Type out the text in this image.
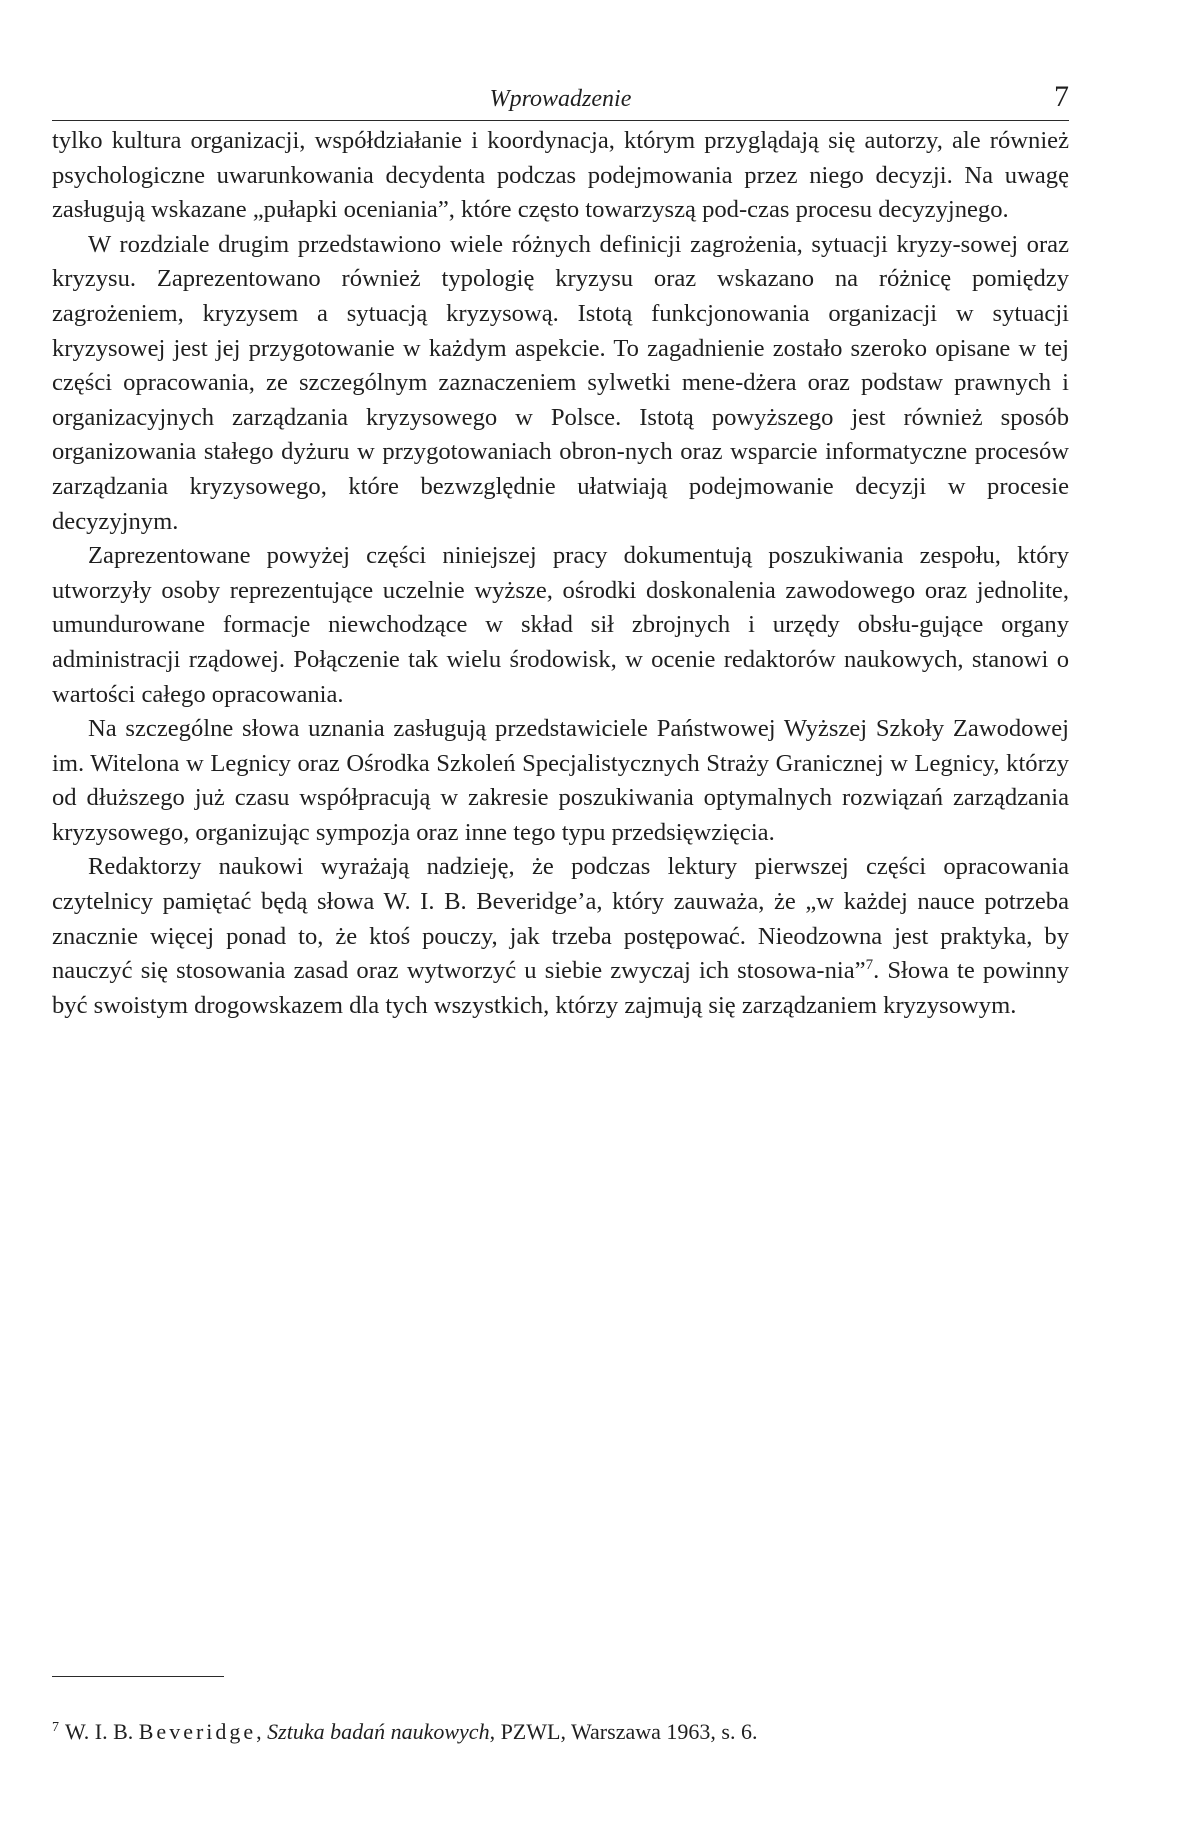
Wprowadzenie	7

tylko kultura organizacji, współdziałanie i koordynacja, którym przyglądają się autorzy, ale również psychologiczne uwarunkowania decydenta podczas podejmowania przez niego decyzji. Na uwagę zasługują wskazane „pułapki oceniania”, które często towarzyszą pod-czas procesu decyzyjnego.

W rozdziale drugim przedstawiono wiele różnych definicji zagrożenia, sytuacji kryzy-sowej oraz kryzysu. Zaprezentowano również typologię kryzysu oraz wskazano na różnicę pomiędzy zagrożeniem, kryzysem a sytuacją kryzysową. Istotą funkcjonowania organizacji w sytuacji kryzysowej jest jej przygotowanie w każdym aspekcie. To zagadnienie zostało szeroko opisane w tej części opracowania, ze szczególnym zaznaczeniem sylwetki mene-dżera oraz podstaw prawnych i organizacyjnych zarządzania kryzysowego w Polsce. Istotą powyższego jest również sposób organizowania stałego dyżuru w przygotowaniach obron-nych oraz wsparcie informatyczne procesów zarządzania kryzysowego, które bezwzględnie ułatwiają podejmowanie decyzji w procesie decyzyjnym.

Zaprezentowane powyżej części niniejszej pracy dokumentują poszukiwania zespołu, który utworzyły osoby reprezentujące uczelnie wyższe, ośrodki doskonalenia zawodowego oraz jednolite, umundurowane formacje niewchodzące w skład sił zbrojnych i urzędy obsłu-gujące organy administracji rządowej. Połączenie tak wielu środowisk, w ocenie redaktorów naukowych, stanowi o wartości całego opracowania.

Na szczególne słowa uznania zasługują przedstawiciele Państwowej Wyższej Szkoły Zawodowej im. Witelona w Legnicy oraz Ośrodka Szkoleń Specjalistycznych Straży Granicznej w Legnicy, którzy od dłuższego już czasu współpracują w zakresie poszukiwania optymalnych rozwiązań zarządzania kryzysowego, organizując sympozja oraz inne tego typu przedsięwzięcia.

Redaktorzy naukowi wyrażają nadzieję, że podczas lektury pierwszej części opracowania czytelnicy pamiętać będą słowa W. I. B. Beveridge’a, który zauważa, że „w każdej nauce potrzeba znacznie więcej ponad to, że ktoś pouczy, jak trzeba postępować. Nieodzowna jest praktyka, by nauczyć się stosowania zasad oraz wytworzyć u siebie zwyczaj ich stosowa-nia”$^7$. Słowa te powinny być swoistym drogowskazem dla tych wszystkich, którzy zajmują się zarządzaniem kryzysowym.

$^7$ W. I. B. Beveridge, Sztuka badań naukowych, PZWL, Warszawa 1963, s. 6.
